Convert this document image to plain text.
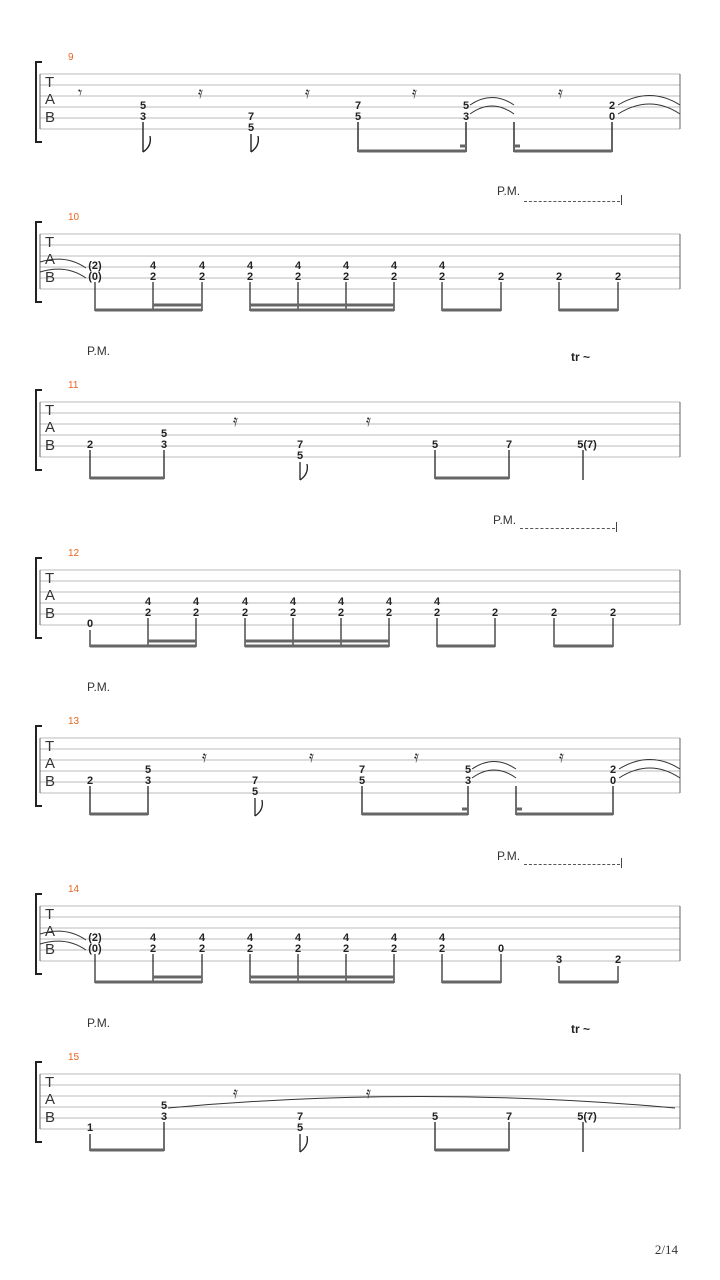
9
T
A
B
5
3	7
5
7
5
5
3
2
0
𝄾	𝄿	𝄿	𝄿	𝄿
P.M.
10
T
A
B
(2)
(0)
4
2
4
2
4
2
4
2
4
2
4
2
4
2	2	2	2
P.M.	tr ~
11
T
A
B	2
5
3	7
5
5	7	5(7)
𝄿	𝄿
P.M.
12
T
A
B
0
4
2
4
2
4
2
4
2
4
2
4
2
4
2	2	2	2
P.M.
13
T
A
B	2
5
3	7
5
7
5
5
3
2
0
𝄿	𝄿	𝄿	𝄿
P.M.
14
T
A
B
(2)
(0)
4
2
4
2
4
2
4
2
4
2
4
2
4
2	0
3	2
P.M.	tr ~
15
T
A
B
1
5
3	7
5
5	7	5(7)
𝄿	𝄿
2/14
